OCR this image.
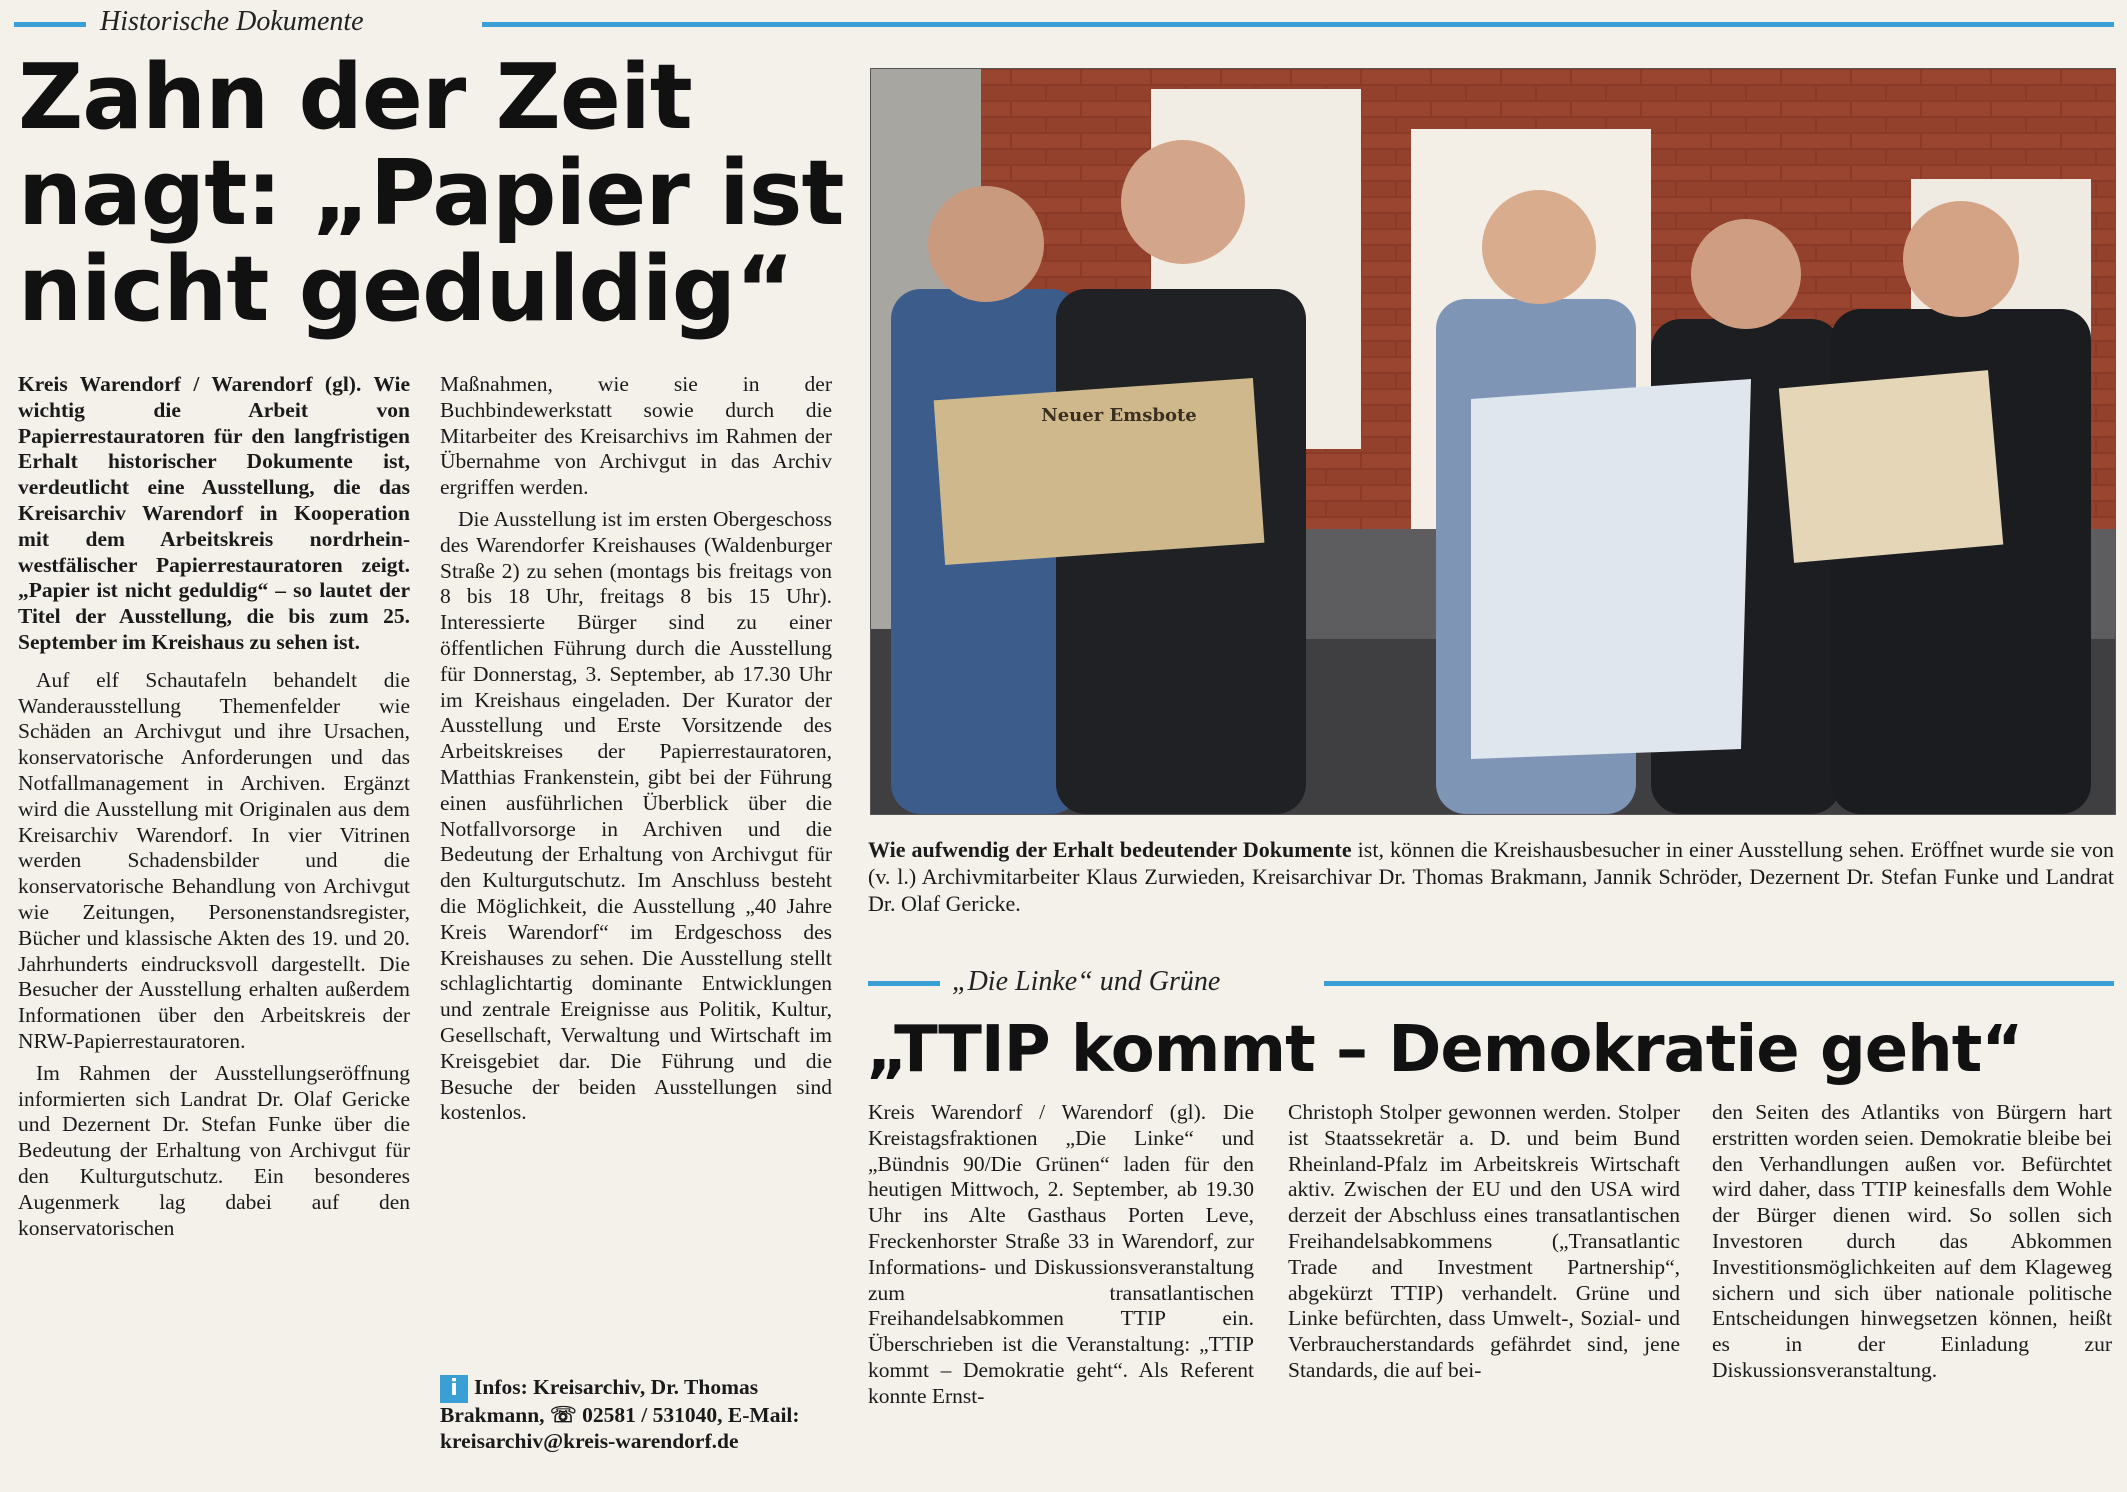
Historische Dokumente
Zahn der Zeit
nagt: „Papier ist
nicht geduldig“

Kreis Warendorf / Warendorf (gl). Wie wichtig die Arbeit von Papierrestauratoren für den langfristigen Erhalt historischer Dokumente ist, verdeutlicht eine Ausstellung, die das Kreisarchiv Warendorf in Kooperation mit dem Arbeitskreis nordrhein-westfälischer Papierrestauratoren zeigt. „Papier ist nicht geduldig“ – so lautet der Titel der Ausstellung, die bis zum 25. September im Kreishaus zu sehen ist.

Auf elf Schautafeln behandelt die Wanderausstellung Themenfelder wie Schäden an Archivgut und ihre Ursachen, konservatorische Anforderungen und das Notfallmanagement in Archiven. Ergänzt wird die Ausstellung mit Originalen aus dem Kreisarchiv Warendorf. In vier Vitrinen werden Schadensbilder und die konservatorische Behandlung von Archivgut wie Zeitungen, Personenstandsregister, Bücher und klassische Akten des 19. und 20. Jahrhunderts eindrucksvoll dargestellt. Die Besucher der Ausstellung erhalten außerdem Informationen über den Arbeitskreis der NRW-Papierrestauratoren.

Im Rahmen der Ausstellungseröffnung informierten sich Landrat Dr. Olaf Gericke und Dezernent Dr. Stefan Funke über die Bedeutung der Erhaltung von Archivgut für den Kulturgutschutz. Ein besonderes Augenmerk lag dabei auf den konservatorischen

Maßnahmen, wie sie in der Buchbindewerkstatt sowie durch die Mitarbeiter des Kreisarchivs im Rahmen der Übernahme von Archivgut in das Archiv ergriffen werden.

Die Ausstellung ist im ersten Obergeschoss des Warendorfer Kreishauses (Waldenburger Straße 2) zu sehen (montags bis freitags von 8 bis 18 Uhr, freitags 8 bis 15 Uhr). Interessierte Bürger sind zu einer öffentlichen Führung durch die Ausstellung für Donnerstag, 3. September, ab 17.30 Uhr im Kreishaus eingeladen. Der Kurator der Ausstellung und Erste Vorsitzende des Arbeitskreises der Papierrestauratoren, Matthias Frankenstein, gibt bei der Führung einen ausführlichen Überblick über die Notfallvorsorge in Archiven und die Bedeutung der Erhaltung von Archivgut für den Kulturgutschutz. Im Anschluss besteht die Möglichkeit, die Ausstellung „40 Jahre Kreis Warendorf“ im Erdgeschoss des Kreishauses zu sehen. Die Ausstellung stellt schlaglichtartig dominante Entwicklungen und zentrale Ereignisse aus Politik, Kultur, Gesellschaft, Verwaltung und Wirtschaft im Kreisgebiet dar. Die Führung und die Besuche der beiden Ausstellungen sind kostenlos.

i Infos: Kreisarchiv, Dr. Thomas Brakmann, ☏ 02581 / 531040, E-Mail: kreisarchiv@kreis-warendorf.de
Neuer Emsbote
Wie aufwendig der Erhalt bedeutender Dokumente ist, können die Kreishausbesucher in einer Ausstellung sehen. Eröffnet wurde sie von (v. l.) Archivmitarbeiter Klaus Zurwieden, Kreisarchivar Dr. Thomas Brakmann, Jannik Schröder, Dezernent Dr. Stefan Funke und Landrat Dr. Olaf Gericke.
„Die Linke“ und Grüne
„TTIP kommt – Demokratie geht“

Kreis Warendorf / Warendorf (gl). Die Kreistagsfraktionen „Die Linke“ und „Bündnis 90/Die Grünen“ laden für den heutigen Mittwoch, 2. September, ab 19.30 Uhr ins Alte Gasthaus Porten Leve, Freckenhorster Straße 33 in Warendorf, zur Informations- und Diskussionsveranstaltung zum transatlantischen Freihandelsabkommen TTIP ein. Überschrieben ist die Veranstaltung: „TTIP kommt – Demokratie geht“. Als Referent konnte Ernst-

Christoph Stolper gewonnen werden. Stolper ist Staatssekretär a. D. und beim Bund Rheinland-Pfalz im Arbeitskreis Wirtschaft aktiv. Zwischen der EU und den USA wird derzeit der Abschluss eines transatlantischen Freihandelsabkommens („Transatlantic Trade and Investment Partnership“, abgekürzt TTIP) verhandelt. Grüne und Linke befürchten, dass Umwelt-, Sozial- und Verbraucherstandards gefährdet sind, jene Standards, die auf bei-

den Seiten des Atlantiks von Bürgern hart erstritten worden seien. Demokratie bleibe bei den Verhandlungen außen vor. Befürchtet wird daher, dass TTIP keinesfalls dem Wohle der Bürger dienen wird. So sollen sich Investoren durch das Abkommen Investitionsmöglichkeiten auf dem Klageweg sichern und sich über nationale politische Entscheidungen hinwegsetzen können, heißt es in der Einladung zur Diskussionsveranstaltung.
